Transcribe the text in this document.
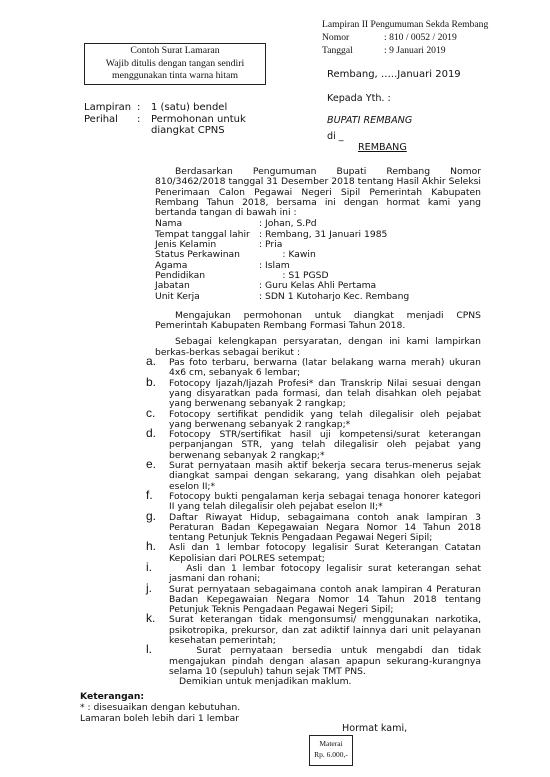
Lampiran II Pengumuman Sekda Rembang
Nomor	: 810 / 0052 / 2019
Tanggal	: 9 Januari 2019
Contoh Surat Lamaran
Wajib ditulis dengan tangan sendiri
menggunakan tinta warna hitam	Rembang, …..Januari 2019
Kepada Yth. :
BUPATI REMBANG
di _
REMBANG
Lampiran : 1 (satu) bendel
Perihal : Permohonan untuk diangkat CPNS

Berdasarkan Pengumuman Bupati Rembang Nomor 810/3462/2018 tanggal 31 Desember 2018 tentang Hasil Akhir Seleksi Penerimaan Calon Pegawai Negeri Sipil Pemerintah Kabupaten Rembang Tahun 2018, bersama ini dengan hormat kami yang bertanda tangan di bawah ini :

Nama	: Johan, S.Pd
Tempat tanggal lahir	: Rembang, 31 Januari 1985
Jenis Kelamin	: Pria
Status Perkawinan	: Kawin
Agama	: Islam
Pendidikan	: S1 PGSD
Jabatan	: Guru Kelas Ahli Pertama
Unit Kerja	: SDN 1 Kutoharjo Kec. Rembang

Mengajukan permohonan untuk diangkat menjadi CPNS Pemerintah Kabupaten Rembang Formasi Tahun 2018.

Sebagai kelengkapan persyaratan, dengan ini kami lampirkan berkas-berkas sebagai berikut :

a. Pas foto terbaru, berwarna (latar belakang warna merah) ukuran 4x6 cm, sebanyak 6 lembar;
b. Fotocopy Ijazah/Ijazah Profesi* dan Transkrip Nilai sesuai dengan yang disyaratkan pada formasi, dan telah disahkan oleh pejabat yang berwenang sebanyak 2 rangkap;
c. Fotocopy sertifikat pendidik yang telah dilegalisir oleh pejabat yang berwenang sebanyak 2 rangkap;*
d. Fotocopy STR/sertifikat hasil uji kompetensi/surat keterangan perpanjangan STR, yang telah dilegalisir oleh pejabat yang berwenang sebanyak 2 rangkap;*
e. Surat pernyataan masih aktif bekerja secara terus-menerus sejak diangkat sampai dengan sekarang, yang disahkan oleh pejabat eselon II;*
f. Fotocopy bukti pengalaman kerja sebagai tenaga honorer kategori II yang telah dilegalisir oleh pejabat eselon II;*
g. Daftar Riwayat Hidup, sebagaimana contoh anak lampiran 3 Peraturan Badan Kepegawaian Negara Nomor 14 Tahun 2018 tentang Petunjuk Teknis Pengadaan Pegawai Negeri Sipil;
h. Asli dan 1 lembar fotocopy legalisir Surat Keterangan Catatan Kepolisian dari POLRES setempat;
i. Asli dan 1 lembar fotocopy legalisir surat keterangan sehat jasmani dan rohani;
j. Surat pernyataan sebagaimana contoh anak lampiran 4 Peraturan Badan Kepegawaian Negara Nomor 14 Tahun 2018 tentang Petunjuk Teknis Pengadaan Pegawai Negeri Sipil;
k. Surat keterangan tidak mengonsumsi/ menggunakan narkotika, psikotropika, prekursor, dan zat adiktif lainnya dari unit pelayanan kesehatan pemerintah;
l. Surat pernyataan bersedia untuk mengabdi dan tidak mengajukan pindah dengan alasan apapun sekurang-kurangnya selama 10 (sepuluh) tahun sejak TMT PNS.

Demikian untuk menjadikan maklum.

Keterangan:
* : disesuaikan dengan kebutuhan.
Lamaran boleh lebih dari 1 lembar
Hormat kami,
Materai
Rp. 6.000,-
